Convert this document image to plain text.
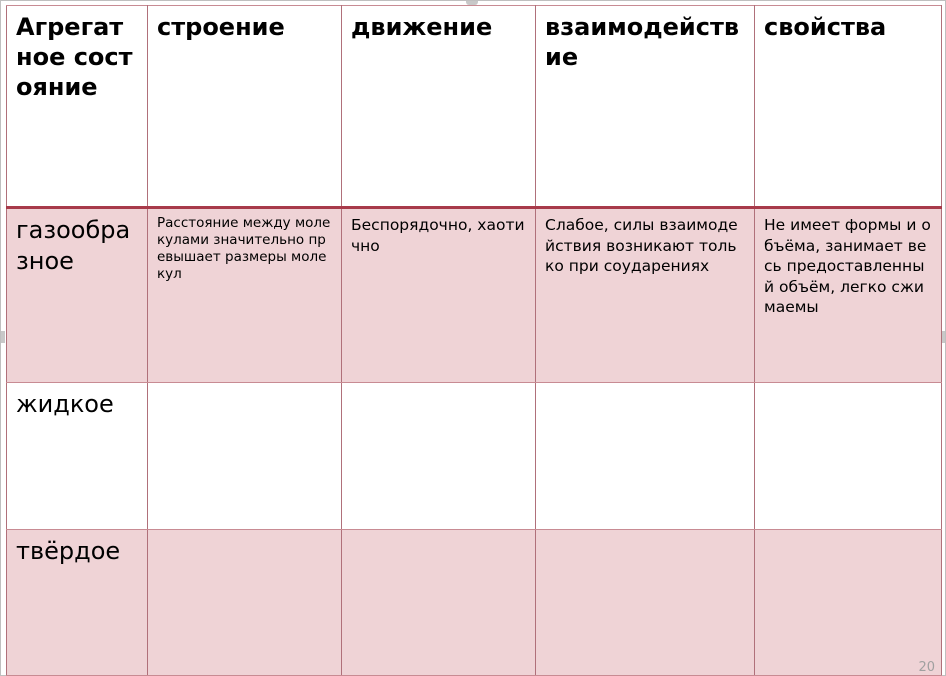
Агрегатное состояние	строение	движение	взаимодействие	свойства
газообразное	Расстояние между молекулами значительно превышает размеры молекул	Беспорядочно, хаотично	Слабое, силы взаимодействия возникают только при соударениях	Не имеет формы и объёма, занимает весь предоставленный объём, легко сжимаемы
жидкое				
твёрдое				
20
